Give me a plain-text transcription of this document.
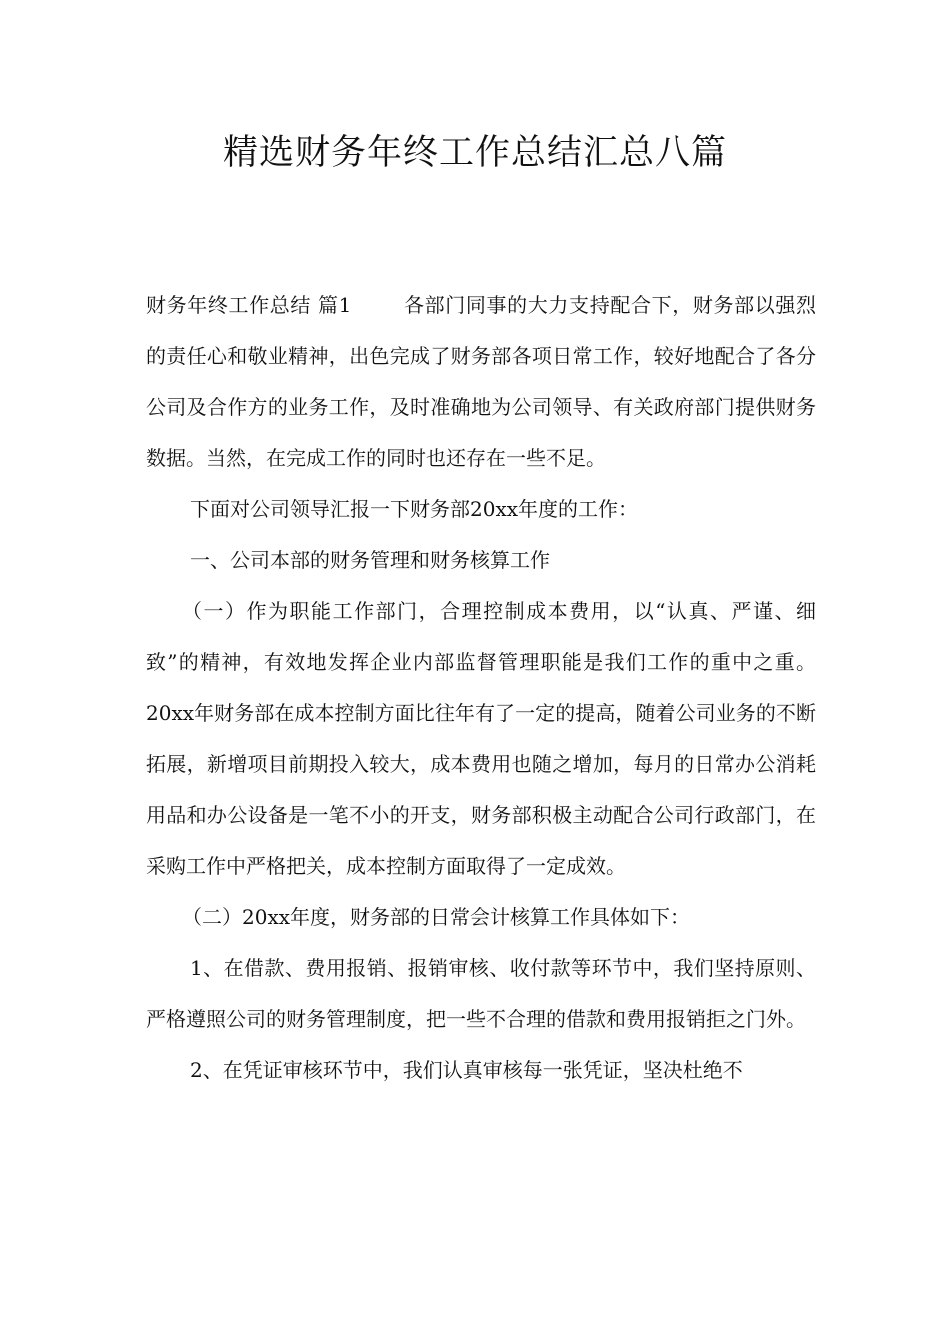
精选财务年终工作总结汇总八篇

财务年终工作总结 篇1	各部门同事的大力支持配合下，财务部以强烈的责任心和敬业精神，出色完成了财务部各项日常工作，较好地配合了各分公司及合作方的业务工作，及时准确地为公司领导、有关政府部门提供财务数据。当然，在完成工作的同时也还存在一些不足。

下面对公司领导汇报一下财务部20xx年度的工作：

一、公司本部的财务管理和财务核算工作

（一）作为职能工作部门，合理控制成本费用，以“认真、严谨、细致”的精神，有效地发挥企业内部监督管理职能是我们工作的重中之重。20xx年财务部在成本控制方面比往年有了一定的提高，随着公司业务的不断拓展，新增项目前期投入较大，成本费用也随之增加，每月的日常办公消耗用品和办公设备是一笔不小的开支，财务部积极主动配合公司行政部门，在采购工作中严格把关，成本控制方面取得了一定成效。

（二）20xx年度，财务部的日常会计核算工作具体如下：

1、在借款、费用报销、报销审核、收付款等环节中，我们坚持原则、严格遵照公司的财务管理制度，把一些不合理的借款和费用报销拒之门外。

2、在凭证审核环节中，我们认真审核每一张凭证，坚决杜绝不
